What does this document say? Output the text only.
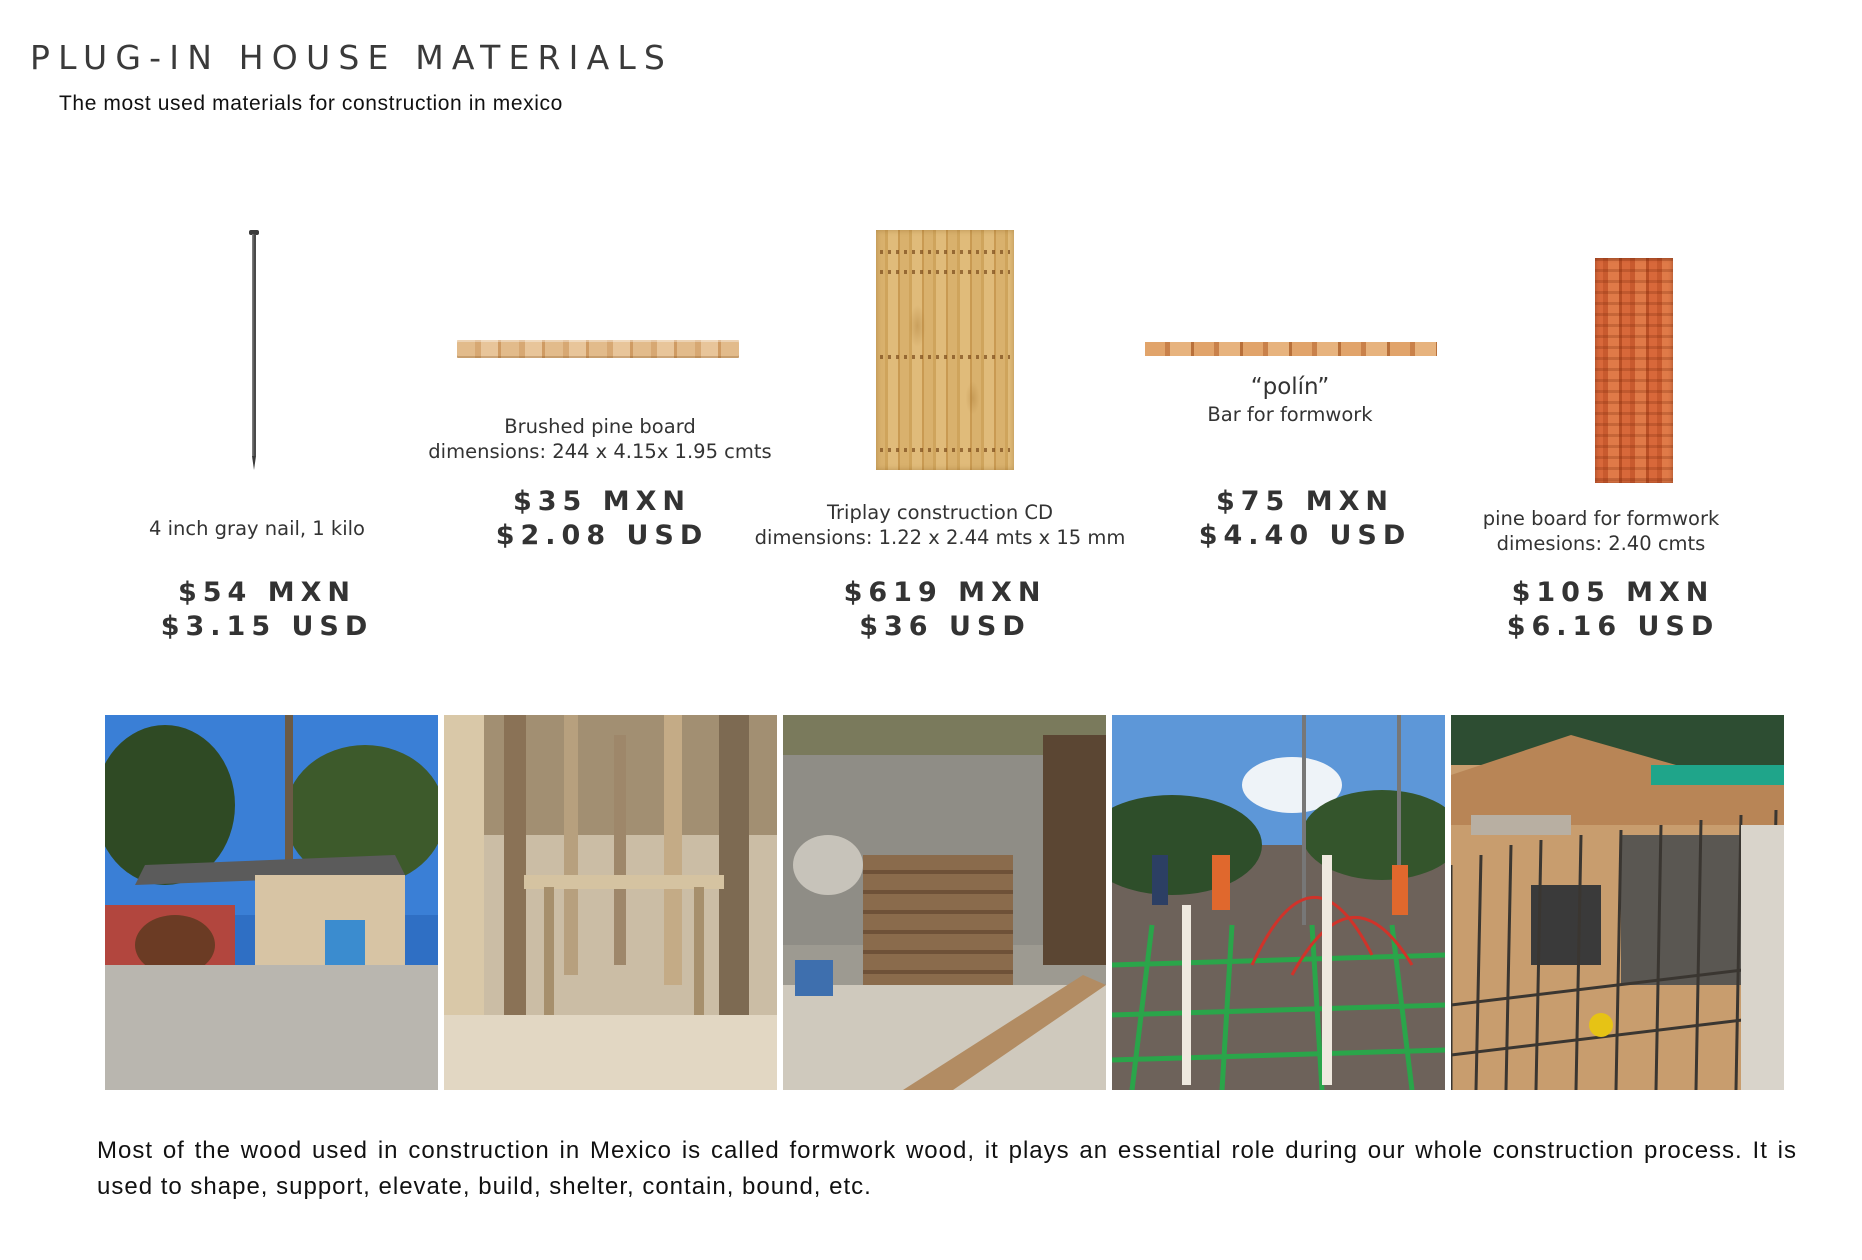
PLUG-IN HOUSE MATERIALS
The most used materials for construction in mexico
4 inch gray nail, 1 kilo
$54 MXN
$3.15 USD
Brushed pine board
dimensions: 244 x 4.15x 1.95 cmts
$35 MXN
$2.08 USD
Triplay construction CD
dimensions: 1.22 x 2.44 mts x 15 mm
$619 MXN
$36 USD
“polín”
Bar for formwork
$75 MXN
$4.40 USD
pine board for formwork
dimesions: 2.40 cmts
$105 MXN
$6.16 USD
Most of the wood used in construction in Mexico is called formwork wood, it plays an essential role during our whole construction process. It is used to shape, support, elevate, build, shelter, contain, bound, etc.
